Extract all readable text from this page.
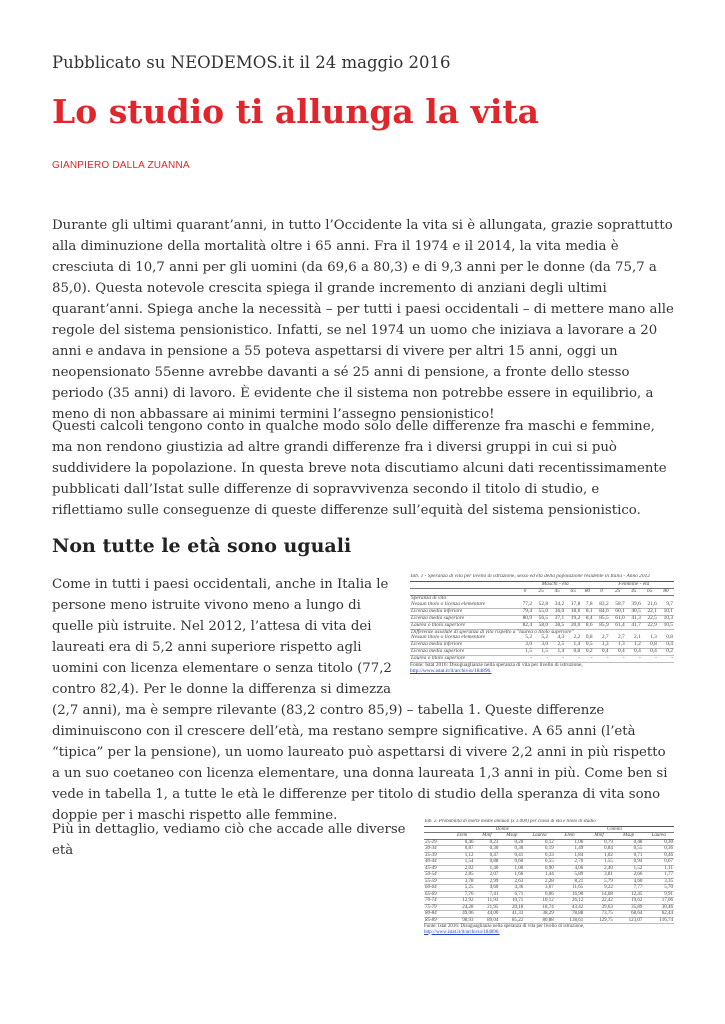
Pubblicato su NEODEMOS.it il 24 maggio 2016
Lo studio ti allunga la vita
GIANPIERO DALLA ZUANNA

Durante gli ultimi quarant’anni, in tutto l’Occidente la vita si è allungata, grazie soprattutto alla diminuzione della mortalità oltre i 65 anni. Fra il 1974 e il 2014, la vita media è cresciuta di 10,7 anni per gli uomini (da 69,6 a 80,3) e di 9,3 anni per le donne (da 75,7 a 85,0). Questa notevole crescita spiega il grande incremento di anziani degli ultimi quarant’anni. Spiega anche la necessità – per tutti i paesi occidentali – di mettere mano alle regole del sistema pensionistico. Infatti, se nel 1974 un uomo che iniziava a lavorare a 20 anni e andava in pensione a 55 poteva aspettarsi di vivere per altri 15 anni, oggi un neopensionato 55enne avrebbe davanti a sé 25 anni di pensione, a fronte dello stesso periodo (35 anni) di lavoro. È evidente che il sistema non potrebbe essere in equilibrio, a meno di non abbassare ai minimi termini l’assegno pensionistico!

Questi calcoli tengono conto in qualche modo solo delle differenze fra maschi e femmine, ma non rendono giustizia ad altre grandi differenze fra i diversi gruppi in cui si può suddividere la popolazione. In questa breve nota discutiamo alcuni dati recentissimamente pubblicati dall’Istat sulle differenze di sopravvivenza secondo il titolo di studio, e riflettiamo sulle conseguenze di queste differenze sull’equità del sistema pensionistico.

Non tutte le età sono uguali
Tab. 1 - Speranza di vita per livello di istruzione, sesso ed età della popolazione residente in Italia - Anno 2012
	Maschi - età					Femmine - età				
	0	25	45	65	80	0	25	45	65	80
Speranza di vita										
Nessun titolo o licenza elementare	77,2	52,8	34,2	17,8	7,8	83,2	58,7	39,6	21,6	9,7
Licenza media inferiore	79,4	55,0	36,0	18,6	8,1	84,6	60,1	40,5	22,1	10,1
Licenza media superiore	80,9	56,5	37,1	19,2	8,4	85,5	61,0	41,3	22,5	10,3
Laurea o titolo superiore	82,4	58,0	38,5	20,0	8,6	85,9	61,4	41,7	22,9	10,5
Differenze assolute di speranza di vita rispetto a "laurea o titolo superiore"										
Nessun titolo o licenza elementare	5,2	5,2	4,3	2,2	0,8	2,7	2,7	2,1	1,3	0,8
Licenza media inferiore	3,0	3,0	2,5	1,4	0,5	1,3	1,3	1,2	0,8	0,4
Licenza media superiore	1,5	1,5	1,4	0,8	0,2	0,4	0,4	0,4	0,4	0,2
Laurea o titolo superiore	-	-	-	-	-	-	-	-	-	-
Fonte: Istat 2016: Disuguaglianze nella speranza di vita per livello di istruzione,
http://www.istat.it/it/archivio/184896.
Come in tutti i paesi occidentali, anche in Italia le persone meno istruite vivono meno a lungo di quelle più istruite. Nel 2012, l’attesa di vita dei laureati era di 5,2 anni superiore rispetto agli uomini con licenza elementare o senza titolo (77,2 contro 82,4). Per le donne la differenza si dimezza (2,7 anni), ma è sempre rilevante (83,2 contro 85,9) – tabella 1. Queste differenze diminuiscono con il crescere dell’età, ma restano sempre significative. A 65 anni (l’età “tipica” per la pensione), un uomo laureato può aspettarsi di vivere 2,2 anni in più rispetto a un suo coetaneo con licenza elementare, una donna laureata 1,3 anni in più. Come ben si vede in tabella 1, a tutte le età le differenze per titolo di studio della speranza di vita sono doppie per i maschi rispetto alle femmine.	Tab. 2. Probabilità di morte medie annuali (x 1.000) per classi di età e titolo di studio
	Donne				Uomini			
	Elem	Minf	Msup	Laurea	Elem	Minf	Msup	Laurea
25-29	0,46	0,23	0,20	0,12	1,06	0,79	0,48	0,30
30-34	0,87	0,30	0,30	0,19	1,49	0,84	0,55	0,36
35-39	1,12	0,47	0,41	0,33	1,84	1,02	0,71	0,46
40-44	1,54	0,88	0,60	0,55	2,70	1,55	0,94	0,67
45-49	2,02	1,40	1,00	0,90	4,06	2,40	1,52	1,11
50-54	2,85	2,07	1,66	1,44	5,89	3,81	2,66	1,77
55-59	3,78	2,99	2,63	2,28	8,21	5,79	4,60	3,35
60-64	5,25	4,60	4,36	3,67	11,65	9,22	7,77	5,70
65-69	7,76	7,41	6,71	6,06	16,90	14,08	12,45	9,91
70-74	12,92	11,93	10,71	10,12	26,12	22,42	19,62	17,06
75-79	24,28	21,95	20,18	18,74	43,42	39,63	35,89	30,46
80-84	49,06	44,00	41,33	38,29	78,88	73,75	68,64	62,44
85-89	98,93	89,04	85,22	80,88	138,61	129,75	123,07	116,74
Fonte: Istat 2016: Disuguaglianze nella speranza di vita per livello di istruzione,
http://www.istat.it/it/archivio/184896.
Più in dettaglio, vediamo ciò che accade alle diverse età
